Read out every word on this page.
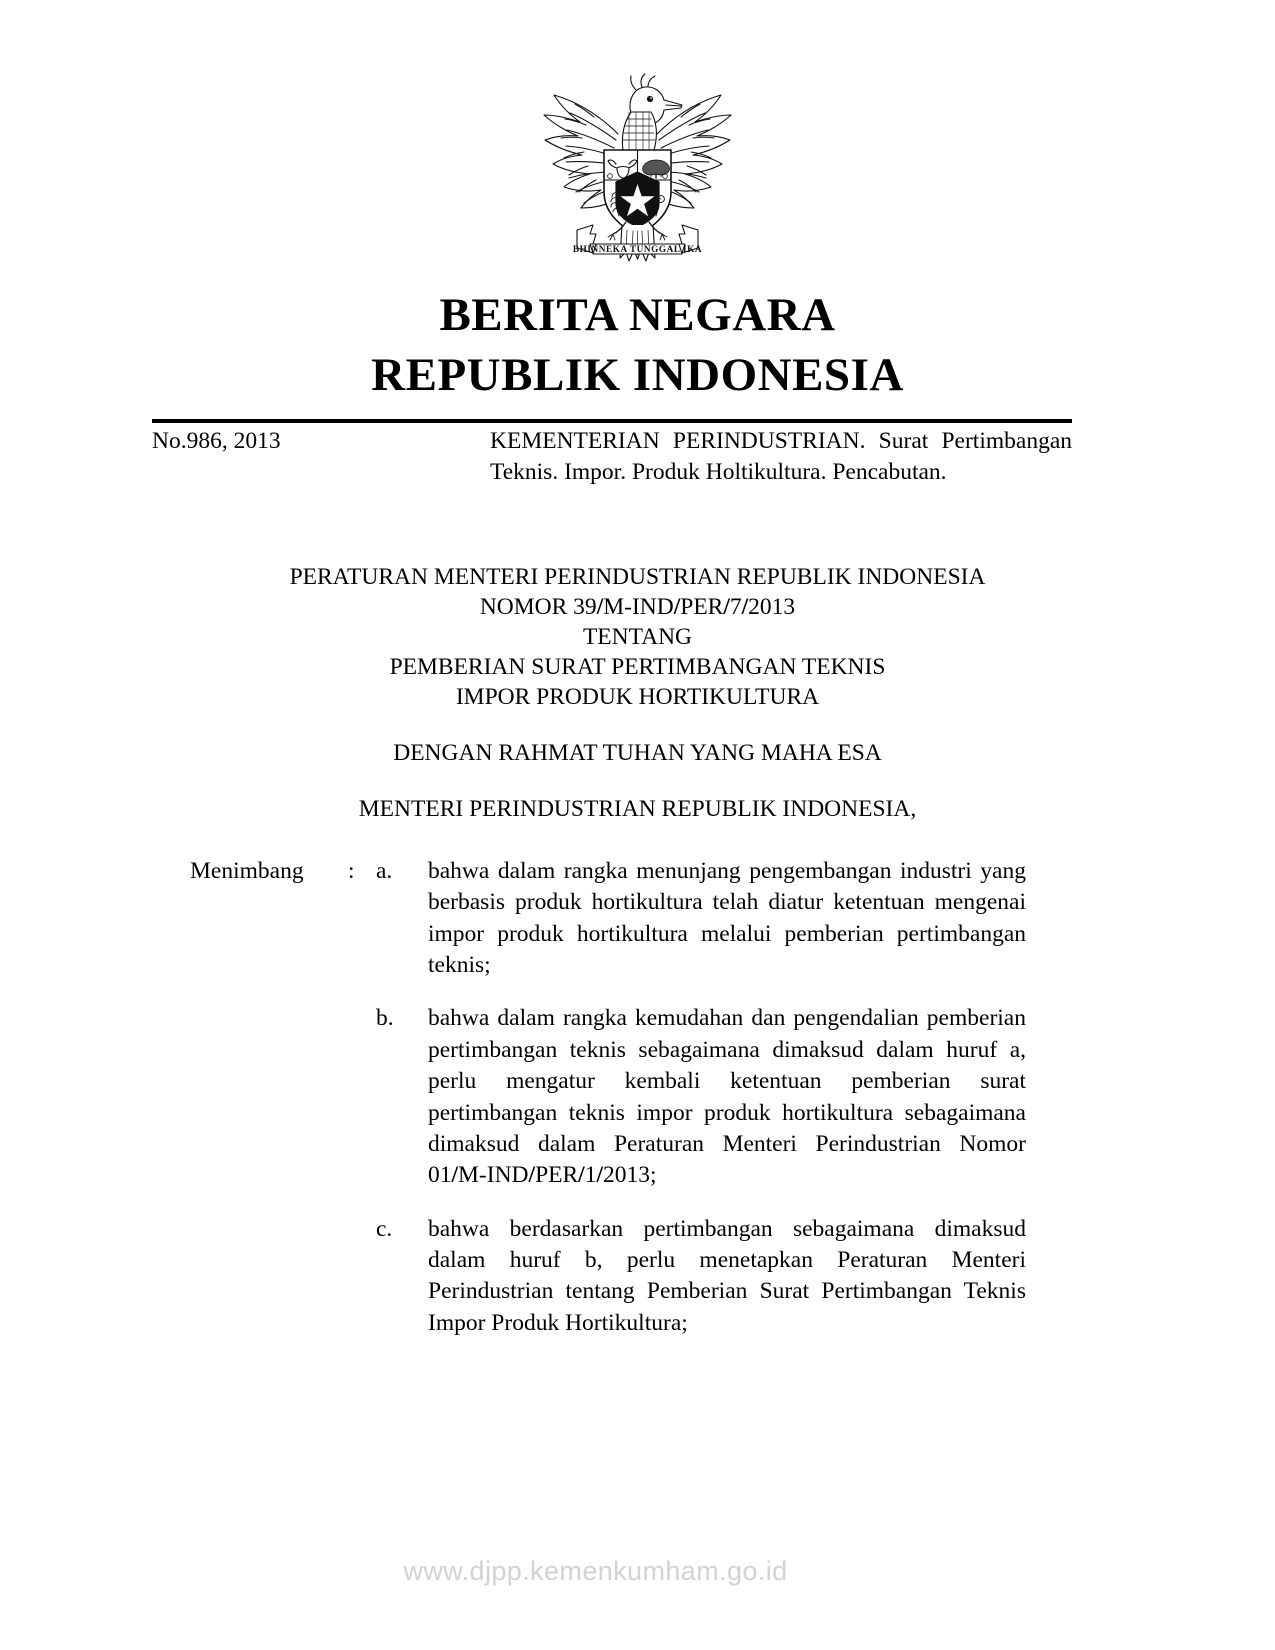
BHINNEKA TUNGGAL IKA
BERITA NEGARA
REPUBLIK INDONESIA
No.986, 2013	KEMENTERIAN PERINDUSTRIAN. Surat Pertimbangan Teknis. Impor. Produk Holtikultura. Pencabutan.
PERATURAN MENTERI PERINDUSTRIAN REPUBLIK INDONESIA
NOMOR 39/M-IND/PER/7/2013
TENTANG
PEMBERIAN SURAT PERTIMBANGAN TEKNIS
IMPOR PRODUK HORTIKULTURA
DENGAN RAHMAT TUHAN YANG MAHA ESA
MENTERI PERINDUSTRIAN REPUBLIK INDONESIA,
Menimbang	: a.	bahwa dalam rangka menunjang pengembangan industri yang berbasis produk hortikultura telah diatur ketentuan mengenai impor produk hortikultura melalui pemberian pertimbangan teknis;
b.	bahwa dalam rangka kemudahan dan pengendalian pemberian pertimbangan teknis sebagaimana dimaksud dalam huruf a, perlu mengatur kembali ketentuan pemberian surat pertimbangan teknis impor produk hortikultura sebagaimana dimaksud dalam Peraturan Menteri Perindustrian Nomor 01/M-IND/PER/1/2013;
c.	bahwa berdasarkan pertimbangan sebagaimana dimaksud dalam huruf b, perlu menetapkan Peraturan Menteri Perindustrian tentang Pemberian Surat Pertimbangan Teknis Impor Produk Hortikultura;
www.djpp.kemenkumham.go.id
